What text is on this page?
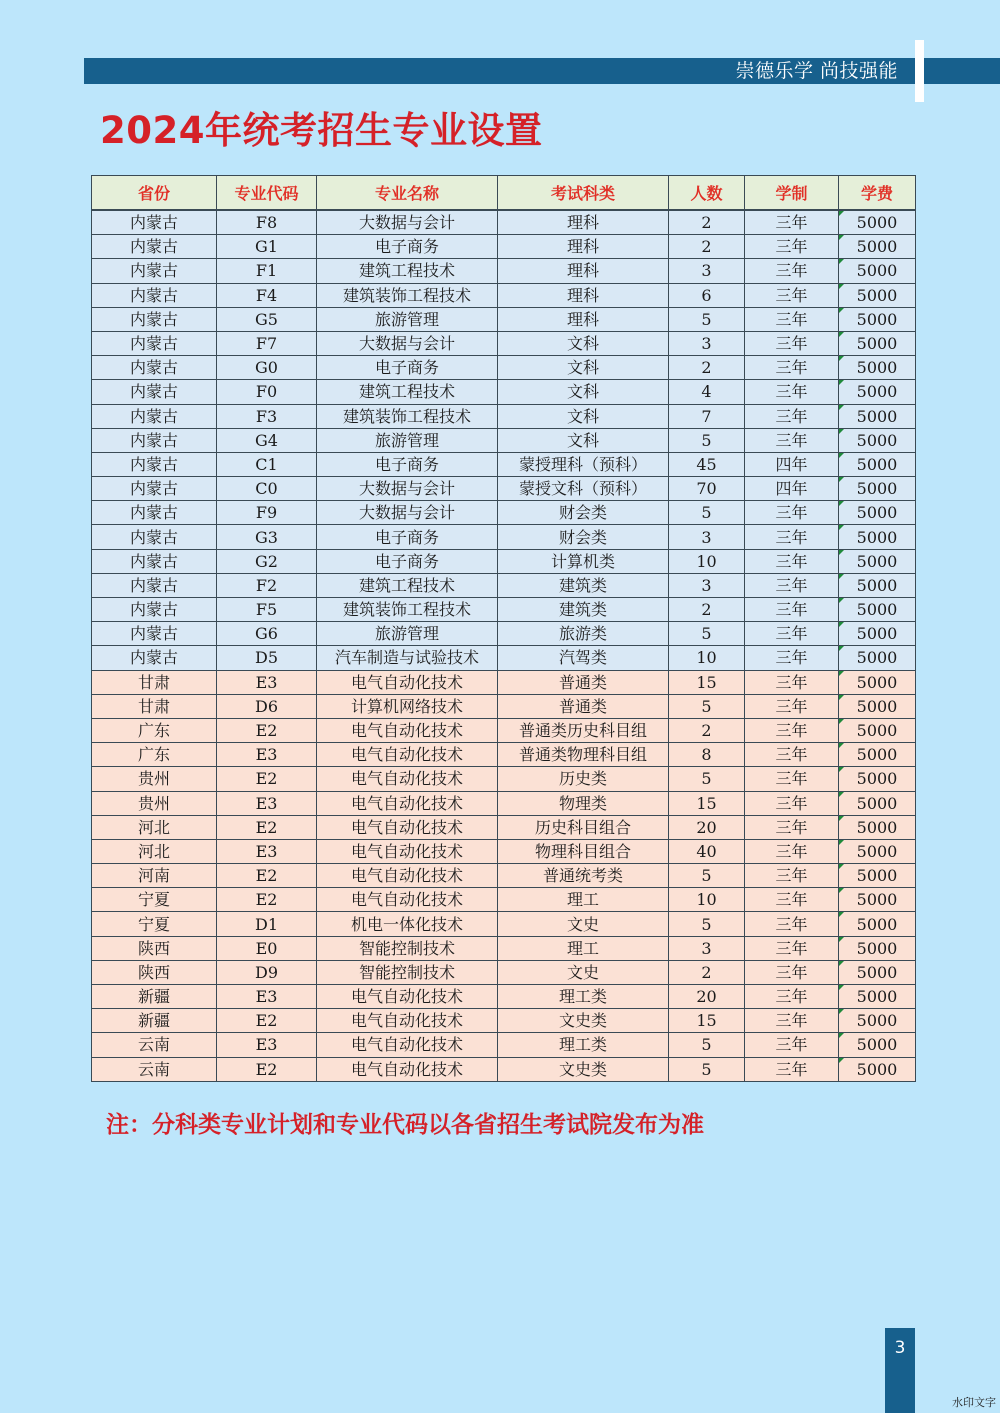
崇德乐学 尚技强能
2024年统考招生专业设置
省份	专业代码	专业名称	考试科类	人数	学制	学费
内蒙古	F8	大数据与会计	理科	2	三年	5000
内蒙古	G1	电子商务	理科	2	三年	5000
内蒙古	F1	建筑工程技术	理科	3	三年	5000
内蒙古	F4	建筑装饰工程技术	理科	6	三年	5000
内蒙古	G5	旅游管理	理科	5	三年	5000
内蒙古	F7	大数据与会计	文科	3	三年	5000
内蒙古	G0	电子商务	文科	2	三年	5000
内蒙古	F0	建筑工程技术	文科	4	三年	5000
内蒙古	F3	建筑装饰工程技术	文科	7	三年	5000
内蒙古	G4	旅游管理	文科	5	三年	5000
内蒙古	C1	电子商务	蒙授理科（预科）	45	四年	5000
内蒙古	C0	大数据与会计	蒙授文科（预科）	70	四年	5000
内蒙古	F9	大数据与会计	财会类	5	三年	5000
内蒙古	G3	电子商务	财会类	3	三年	5000
内蒙古	G2	电子商务	计算机类	10	三年	5000
内蒙古	F2	建筑工程技术	建筑类	3	三年	5000
内蒙古	F5	建筑装饰工程技术	建筑类	2	三年	5000
内蒙古	G6	旅游管理	旅游类	5	三年	5000
内蒙古	D5	汽车制造与试验技术	汽驾类	10	三年	5000
甘肃	E3	电气自动化技术	普通类	15	三年	5000
甘肃	D6	计算机网络技术	普通类	5	三年	5000
广东	E2	电气自动化技术	普通类历史科目组	2	三年	5000
广东	E3	电气自动化技术	普通类物理科目组	8	三年	5000
贵州	E2	电气自动化技术	历史类	5	三年	5000
贵州	E3	电气自动化技术	物理类	15	三年	5000
河北	E2	电气自动化技术	历史科目组合	20	三年	5000
河北	E3	电气自动化技术	物理科目组合	40	三年	5000
河南	E2	电气自动化技术	普通统考类	5	三年	5000
宁夏	E2	电气自动化技术	理工	10	三年	5000
宁夏	D1	机电一体化技术	文史	5	三年	5000
陕西	E0	智能控制技术	理工	3	三年	5000
陕西	D9	智能控制技术	文史	2	三年	5000
新疆	E3	电气自动化技术	理工类	20	三年	5000
新疆	E2	电气自动化技术	文史类	15	三年	5000
云南	E3	电气自动化技术	理工类	5	三年	5000
云南	E2	电气自动化技术	文史类	5	三年	5000

注：分科类专业计划和专业代码以各省招生考试院发布为准

3
水印文字
